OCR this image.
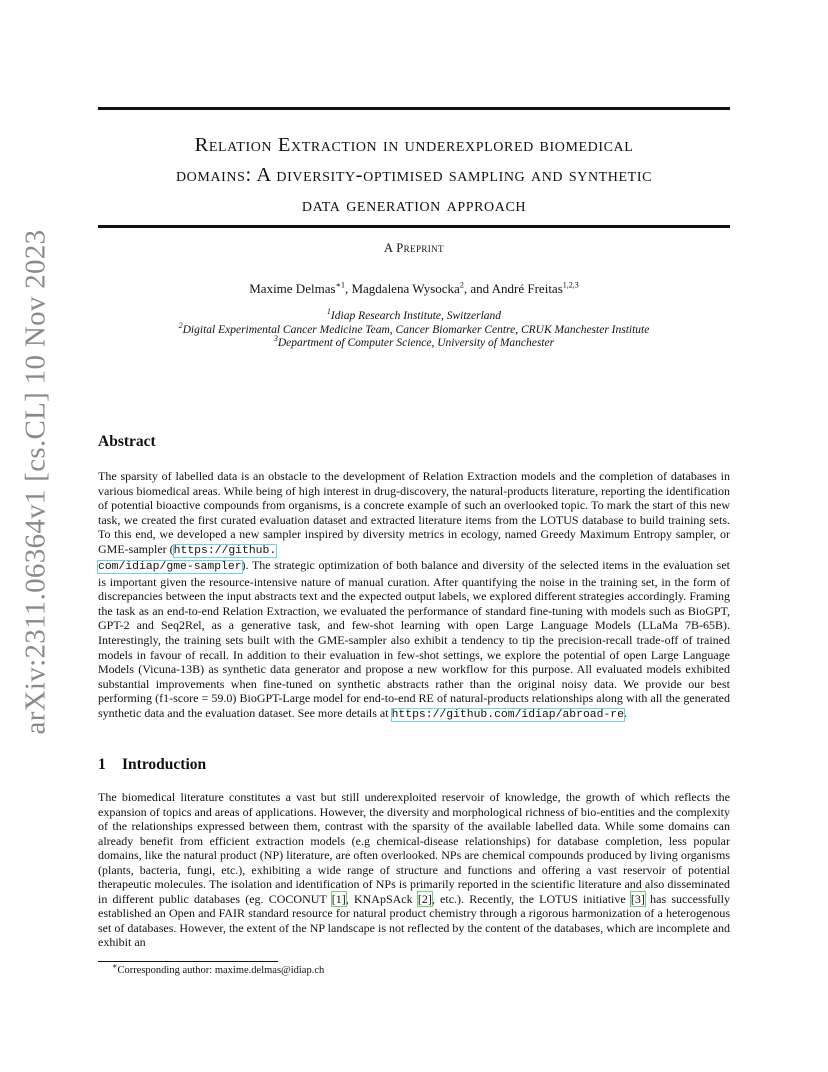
arXiv:2311.06364v1 [cs.CL] 10 Nov 2023
Relation Extraction in underexplored biomedical
domains: A diversity-optimised sampling and synthetic
data generation approach
A Preprint
Maxime Delmas$^{∗1}$, Magdalena Wysocka$^2$, and André Freitas$^{1,2,3}$
$^1$Idiap Research Institute, Switzerland
$^2$Digital Experimental Cancer Medicine Team, Cancer Biomarker Centre, CRUK Manchester Institute
$^3$Department of Computer Science, University of Manchester
Abstract

The sparsity of labelled data is an obstacle to the development of Relation Extraction models and the completion of databases in various biomedical areas. While being of high interest in drug-discovery, the natural-products literature, reporting the identification of potential bioactive compounds from organisms, is a concrete example of such an overlooked topic. To mark the start of this new task, we created the first curated evaluation dataset and extracted literature items from the LOTUS database to build training sets. To this end, we developed a new sampler inspired by diversity metrics in ecology, named Greedy Maximum Entropy sampler, or GME-sampler (https://github.
com/idiap/gme-sampler). The strategic optimization of both balance and diversity of the selected items in the evaluation set is important given the resource-intensive nature of manual curation. After quantifying the noise in the training set, in the form of discrepancies between the input abstracts text and the expected output labels, we explored different strategies accordingly. Framing the task as an end-to-end Relation Extraction, we evaluated the performance of standard fine-tuning with models such as BioGPT, GPT-2 and Seq2Rel, as a generative task, and few-shot learning with open Large Language Models (LLaMa 7B-65B). Interestingly, the training sets built with the GME-sampler also exhibit a tendency to tip the precision-recall trade-off of trained models in favour of recall. In addition to their evaluation in few-shot settings, we explore the potential of open Large Language Models (Vicuna-13B) as synthetic data generator and propose a new workflow for this purpose. All evaluated models exhibited substantial improvements when fine-tuned on synthetic abstracts rather than the original noisy data. We provide our best performing (f1-score = 59.0) BioGPT-Large model for end-to-end RE of natural-products relationships along with all the generated synthetic data and the evaluation dataset. See more details at https://github.com/idiap/abroad-re.

1 Introduction

The biomedical literature constitutes a vast but still underexploited reservoir of knowledge, the growth of which reflects the expansion of topics and areas of applications. However, the diversity and morphological richness of bio-entities and the complexity of the relationships expressed between them, contrast with the sparsity of the available labelled data. While some domains can already benefit from efficient extraction models (e.g chemical-disease relationships) for database completion, less popular domains, like the natural product (NP) literature, are often overlooked. NPs are chemical compounds produced by living organisms (plants, bacteria, fungi, etc.), exhibiting a wide range of structure and functions and offering a vast reservoir of potential therapeutic molecules. The isolation and identification of NPs is primarily reported in the scientific literature and also disseminated in different public databases (eg. COCONUT [1], KNApSAck [2], etc.). Recently, the LOTUS initiative [3] has successfully established an Open and FAIR standard resource for natural product chemistry through a rigorous harmonization of a heterogenous set of databases. However, the extent of the NP landscape is not reflected by the content of the databases, which are incomplete and exhibit an

∗Corresponding author: maxime.delmas@idiap.ch
